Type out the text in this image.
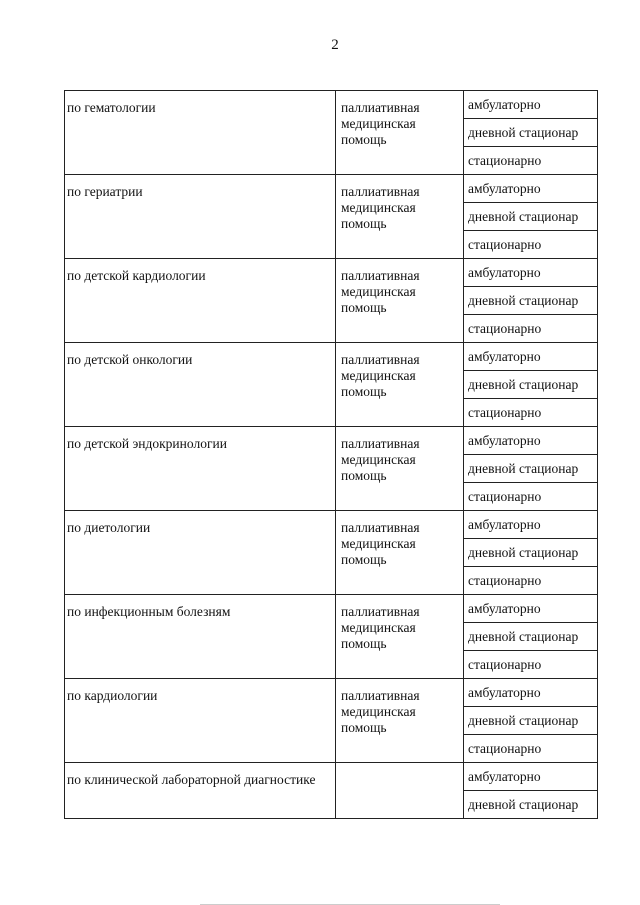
2
по гематологии	паллиативная медицинская помощь	амбулаторно
		дневной стационар
		стационарно
по гериатрии	паллиативная медицинская помощь	амбулаторно
		дневной стационар
		стационарно
по детской кардиологии	паллиативная медицинская помощь	амбулаторно
		дневной стационар
		стационарно
по детской онкологии	паллиативная медицинская помощь	амбулаторно
		дневной стационар
		стационарно
по детской эндокринологии	паллиативная медицинская помощь	амбулаторно
		дневной стационар
		стационарно
по диетологии	паллиативная медицинская помощь	амбулаторно
		дневной стационар
		стационарно
по инфекционным болезням	паллиативная медицинская помощь	амбулаторно
		дневной стационар
		стационарно
по кардиологии	паллиативная медицинская помощь	амбулаторно
		дневной стационар
		стационарно
по клинической лабораторной диагностике		амбулаторно
		дневной стационар
